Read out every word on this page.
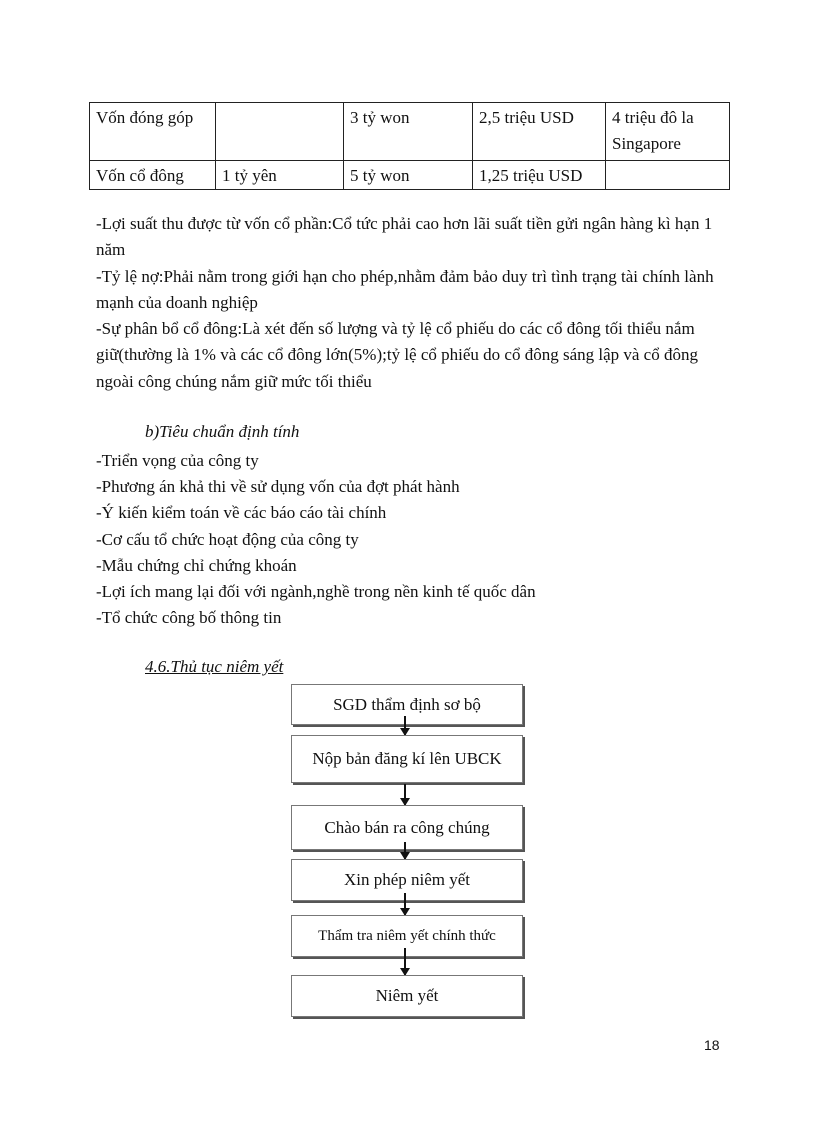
Vốn đóng góp		3 tỷ won	2,5 triệu USD	4 triệu đô la Singapore
Vốn cổ đông	1 tỷ yên	5 tỷ won	1,25 triệu USD	

-Lợi suất thu được từ vốn cổ phần:Cổ tức phải cao hơn lãi suất tiền gửi ngân hàng kì hạn 1 năm

-Tỷ lệ nợ:Phải nằm trong giới hạn cho phép,nhằm đảm bảo duy trì tình trạng tài chính lành mạnh của doanh nghiệp

-Sự phân bổ cổ đông:Là xét đến số lượng và tỷ lệ cổ phiếu do các cổ đông tối thiểu nắm giữ(thường là 1% và các cổ đông lớn(5%);tỷ lệ cổ phiếu do cổ đông sáng lập và cổ đông ngoài công chúng nắm giữ mức tối thiểu

b)Tiêu chuẩn định tính

-Triển vọng của công ty

-Phương án khả thi về sử dụng vốn của đợt phát hành

-Ý kiến kiểm toán về các báo cáo tài chính

-Cơ cấu tổ chức hoạt động của công ty

-Mẫu chứng chỉ chứng khoán

-Lợi ích mang lại đối với ngành,nghề trong nền kinh tế quốc dân

-Tổ chức công bố thông tin

4.6.Thủ tục niêm yết
SGD thẩm định sơ bộ
Nộp bản đăng kí lên UBCK
Chào bán ra công chúng
Xin phép niêm yết
Thẩm tra niêm yết chính thức
Niêm yết
18
